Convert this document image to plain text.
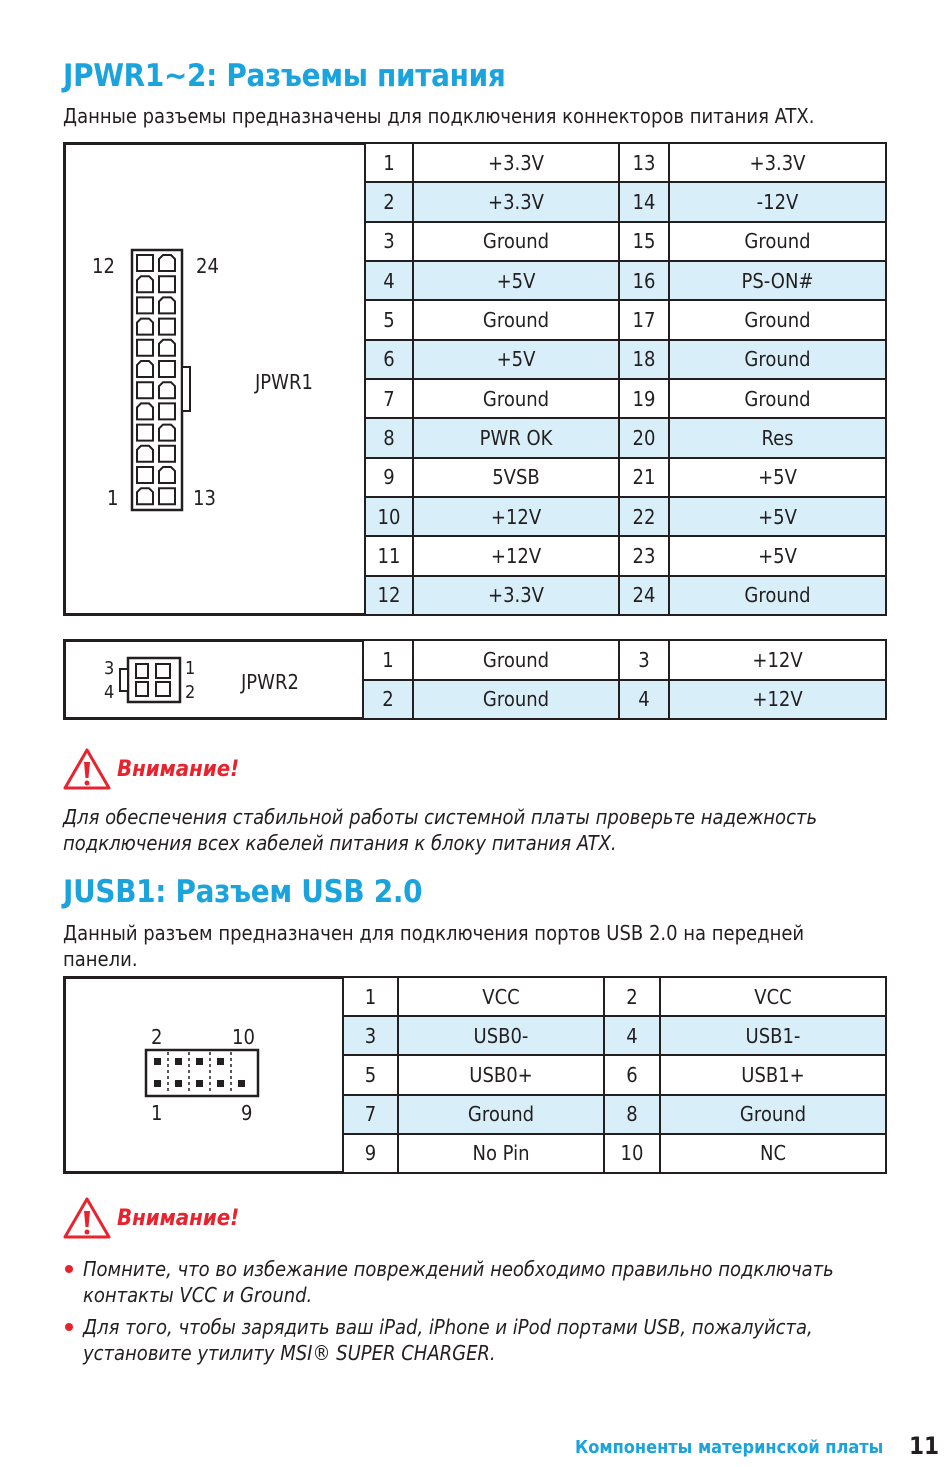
JPWR1~2: Разъемы питания

Данные разъемы предназначены для подключения коннекторов питания ATX.

12	24
1	13
JPWR1
1	+3.3V	13	+3.3V
2	+3.3V	14	-12V
3	Ground	15	Ground
4	+5V	16	PS-ON#
5	Ground	17	Ground
6	+5V	18	Ground
7	Ground	19	Ground
8	PWR OK	20	Res
9	5VSB	21	+5V
10	+12V	22	+5V
11	+12V	23	+5V
12	+3.3V	24	Ground
3
4
1
2 JPWR2
1	Ground	3	+12V
2	Ground	4	+12V
Внимание!

Для обеспечения стабильной работы системной платы проверьте надежность подключения всех кабелей питания к блоку питания ATX.

JUSB1: Разъем USB 2.0

Данный разъем предназначен для подключения портов USB 2.0 на передней панели.

2	10
1	9
1	VCC	2	VCC
3	USB0-	4	USB1-
5	USB0+	6	USB1+
7	Ground	8	Ground
9	No Pin	10	NC
Внимание!
Помните, что во избежание повреждений необходимо правильно подключать контакты VCC и Ground.
Для того, чтобы зарядить ваш iPad, iPhone и iPod портами USB, пожалуйста, установите утилиту MSI® SUPER CHARGER.
Компоненты материнской платы 11
